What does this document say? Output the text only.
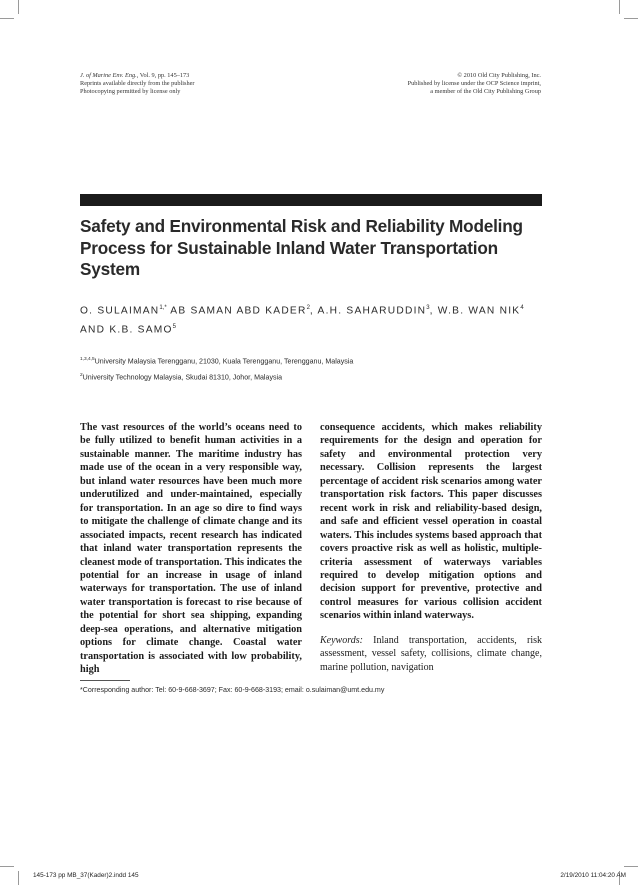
J. of Marine Env. Eng., Vol. 9, pp. 145–173
Reprints available directly from the publisher
Photocopying permitted by license only
© 2010 Old City Publishing, Inc.
Published by license under the OCP Science imprint,
a member of the Old City Publishing Group
Safety and Environmental Risk and Reliability Modeling Process for Sustainable Inland Water Transportation System
O. $SULAIMAN^{1,*}$ AB SAMAN ABD KADER$^2$, A.H. SAHARUDDIN$^3$, W.B. WAN NIK$^4$ AND K.B. SAMO$^5$
$^{1,3,4,5}$University Malaysia Terengganu, 21030, Kuala Terengganu, Terengganu, Malaysia
$^2$University Technology Malaysia, Skudai 81310, Johor, Malaysia

The vast resources of the world’s oceans need to be fully utilized to benefit human activities in a sustainable manner. The maritime industry has made use of the ocean in a very responsible way, but inland water resources have been much more underutilized and under-maintained, especially for transportation. In an age so dire to find ways to mitigate the challenge of climate change and its associated impacts, recent research has indicated that inland water transportation represents the cleanest mode of transportation. This indicates the potential for an increase in usage of inland waterways for transportation. The use of inland water transportation is forecast to rise because of the potential for short sea shipping, expanding deep-sea operations, and alternative mitigation options for climate change. Coastal water transportation is associated with low probability, high

consequence accidents, which makes reliability requirements for the design and operation for safety and environmental protection very necessary. Collision represents the largest percentage of accident risk scenarios among water transportation risk factors. This paper discusses recent work in risk and reliability-based design, and safe and efficient vessel operation in coastal waters. This includes systems based approach that covers proactive risk as well as holistic, multiple-criteria assessment of waterways variables required to develop mitigation options and decision support for preventive, protective and control measures for various collision accident scenarios within inland waterways.

Keywords: Inland transportation, accidents, risk assessment, vessel safety, collisions, climate change, marine pollution, navigation

*Corresponding author: Tel: 60-9-668-3697; Fax: 60-9-668-3193; email: o.sulaiman@umt.edu.my
145-173 pp MB_37(Kader)2.indd 145	2/19/2010 11:04:20 AM
